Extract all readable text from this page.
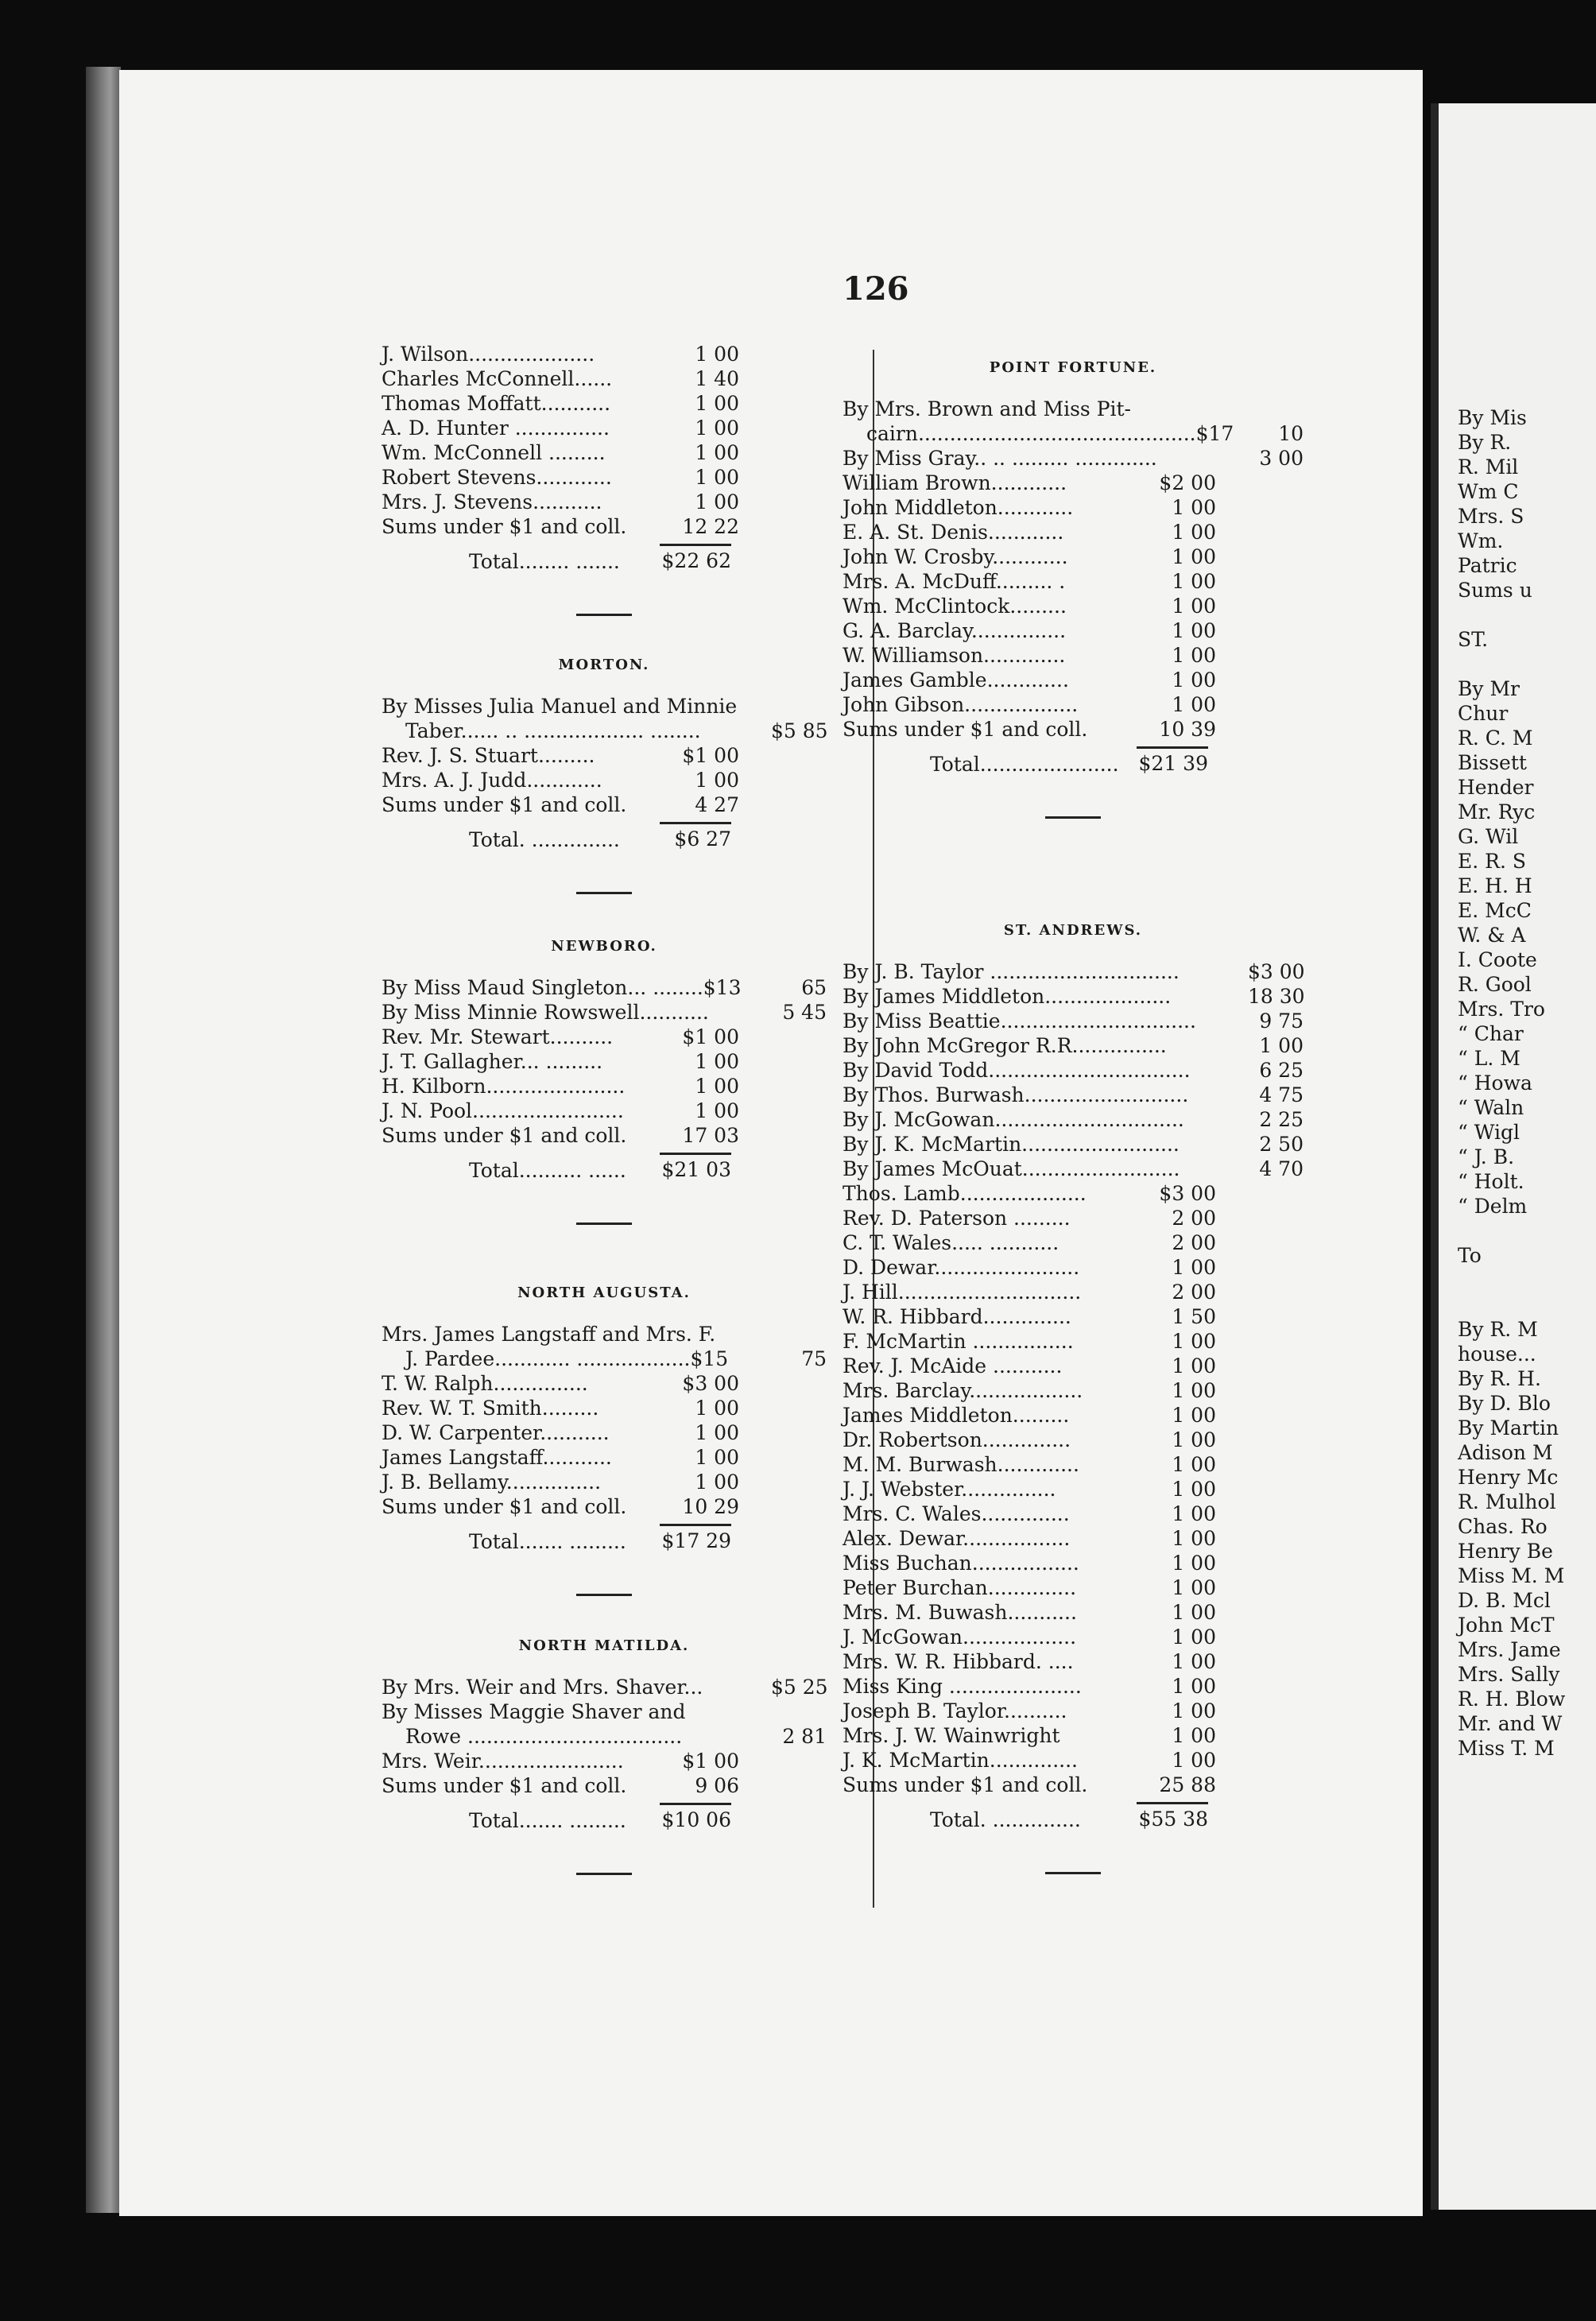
By Mis
By R.
R. Mil
Wm C
Mrs. S
Wm.
Patric
Sums u
ST.
By Mr
Chur
R. C. M
Bissett
Hender
Mr. Ryc
G. Wil
E. R. S
E. H. H
E. McC
W. & A
I. Coote
R. Gool
Mrs. Tro
“ Char
“ L. M
“ Howa
“ Waln
“ Wigl
“ J. B.
“ Holt.
“ Delm
To
By R. M
house...
By R. H.
By D. Blo
By Martin
Adison M
Henry Mc
R. Mulhol
Chas. Ro
Henry Be
Miss M. M
D. B. Mcl
John McT
Mrs. Jame
Mrs. Sally
R. H. Blow
Mr. and W
Miss T. M
126
J. Wilson....................	1 00
Charles McConnell......	1 40
Thomas Moffatt...........	1 00
A. D. Hunter ...............	1 00
Wm. McConnell .........	1 00
Robert Stevens............	1 00
Mrs. J. Stevens...........	1 00
Sums under $1 and coll.	12 22
Total........ ....... $22 62
MORTON.
By Misses Julia Manuel and Minnie
Taber...... .. ................... ........	$5 85
Rev. J. S. Stuart.........	$1 00
Mrs. A. J. Judd............	1 00
Sums under $1 and coll.	4 27
Total. ..............	$6 27
NEWBORO.
By Miss Maud Singleton... ........$13	65
By Miss Minnie Rowswell...........	5 45
Rev. Mr. Stewart..........	$1 00
J. T. Gallagher... .........	1 00
H. Kilborn......................	1 00
J. N. Pool........................	1 00
Sums under $1 and coll.	17 03
Total.......... ...... $21 03
NORTH AUGUSTA.
Mrs. James Langstaff and Mrs. F.
J. Pardee............ ..................$15	75
T. W. Ralph...............	$3 00
Rev. W. T. Smith.........	1 00
D. W. Carpenter...........	1 00
James Langstaff...........	1 00
J. B. Bellamy...............	1 00
Sums under $1 and coll.	10 29
Total....... ......... $17 29
NORTH MATILDA.
By Mrs. Weir and Mrs. Shaver...	$5 25
By Misses Maggie Shaver and
Rowe ..................................	2 81
Mrs. Weir.......................	$1 00
Sums under $1 and coll.	9 06
Total....... ......... $10 06
POINT FORTUNE.
By Mrs. Brown and Miss Pit-
cairn............................................$17	10
By Miss Gray.. .. ......... .............	3 00
William Brown............	$2 00
John Middleton............	1 00
E. A. St. Denis............	1 00
John W. Crosby............	1 00
Mrs. A. McDuff......... .	1 00
Wm. McClintock.........	1 00
G. A. Barclay...............	1 00
W. Williamson.............	1 00
James Gamble.............	1 00
John Gibson..................	1 00
Sums under $1 and coll.	10 39
Total...................... $21 39
ST. ANDREWS.
By J. B. Taylor ..............................	$3 00
By James Middleton....................	18 30
By Miss Beattie...............................	9 75
By John McGregor R.R...............	1 00
By David Todd................................	6 25
By Thos. Burwash..........................	4 75
By J. McGowan..............................	2 25
By J. K. McMartin.........................	2 50
By James McOuat.........................	4 70
Thos. Lamb....................	$3 00
Rev. D. Paterson .........	2 00
C. T. Wales..... ...........	2 00
D. Dewar.......................	1 00
J. Hill.............................	2 00
W. R. Hibbard..............	1 50
F. McMartin ................	1 00
Rev. J. McAide ...........	1 00
Mrs. Barclay..................	1 00
James Middleton.........	1 00
Dr. Robertson..............	1 00
M. M. Burwash.............	1 00
J. J. Webster...............	1 00
Mrs. C. Wales..............	1 00
Alex. Dewar.................	1 00
Miss Buchan.................	1 00
Peter Burchan..............	1 00
Mrs. M. Buwash...........	1 00
J. McGowan..................	1 00
Mrs. W. R. Hibbard. ....	1 00
Miss King .....................	1 00
Joseph B. Taylor..........	1 00
Mrs. J. W. Wainwright	1 00
J. K. McMartin..............	1 00
Sums under $1 and coll.	25 88
Total. ..............	$55 38
